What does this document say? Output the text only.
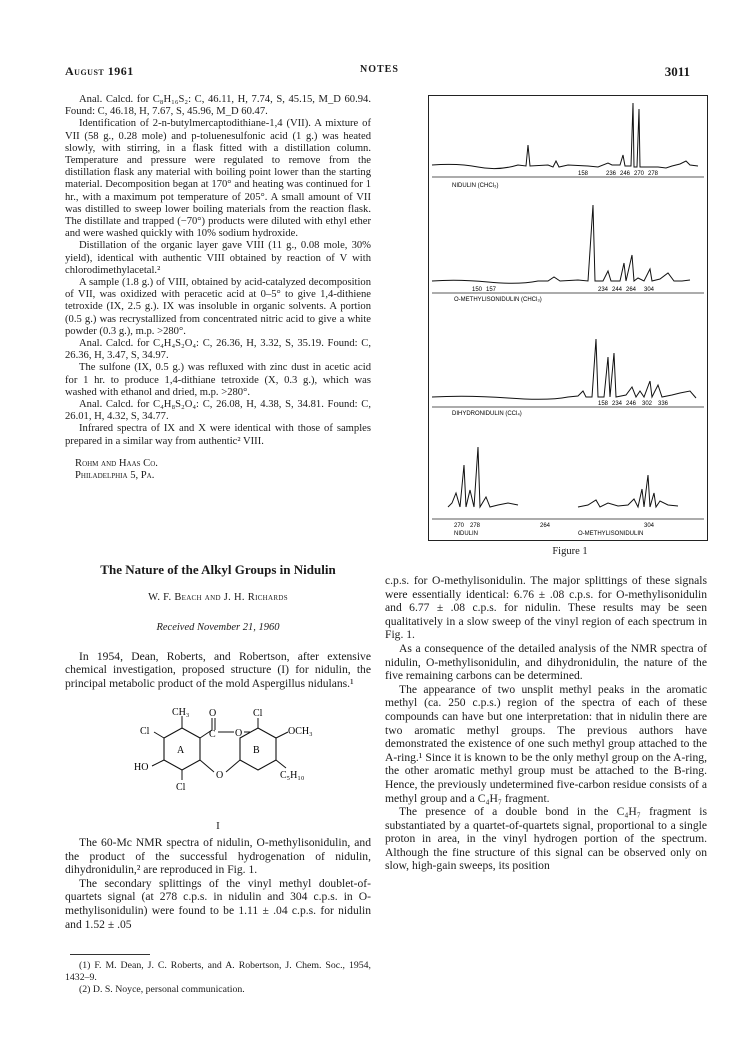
August 1961	NOTES	3011

Anal. Calcd. for C₈H₁₆S₂: C, 46.11, H, 7.74, S, 45.15, M_D 60.94. Found: C, 46.18, H, 7.67, S, 45.96, M_D 60.47.

Identification of 2-n-butylmercaptodithiane-1,4 (VII). A mixture of VII (58 g., 0.28 mole) and p-toluenesulfonic acid (1 g.) was heated slowly, with stirring, in a flask fitted with a distillation column. Temperature and pressure were regulated to remove from the distillation flask any material with boiling point lower than the starting material. Decomposition began at 170° and heating was continued for 1 hr., with a maximum pot temperature of 205°. A small amount of VII was distilled to sweep lower boiling materials from the reaction flask. The distillate and trapped (−70°) products were diluted with ethyl ether and were washed quickly with 10% sodium hydroxide.

Distillation of the organic layer gave VIII (11 g., 0.08 mole, 30% yield), identical with authentic VIII obtained by reaction of V with chlorodimethylacetal.²

A sample (1.8 g.) of VIII, obtained by acid-catalyzed decomposition of VII, was oxidized with peracetic acid at 0–5° to give 1,4-dithiene tetroxide (IX, 2.5 g.). IX was insoluble in organic solvents. A portion (0.5 g.) was recrystallized from concentrated nitric acid to give a white powder (0.3 g.), m.p. >280°.

Anal. Calcd. for C₄H₄S₂O₄: C, 26.36, H, 3.32, S, 35.19. Found: C, 26.36, H, 3.47, S, 34.97.

The sulfone (IX, 0.5 g.) was refluxed with zinc dust in acetic acid for 1 hr. to produce 1,4-dithiane tetroxide (X, 0.3 g.), which was washed with ethanol and dried, m.p. >280°.

Anal. Calcd. for C₄H₈S₂O₄: C, 26.08, H, 4.38, S, 34.81. Found: C, 26.01, H, 4.32, S, 34.77.

Infrared spectra of IX and X were identical with those of samples prepared in a similar way from authentic² VIII.

Rohm and Haas Co.

Philadelphia 5, Pa.

158	236 246 270 278
NIDULIN (CHCl₃)
150 157	234 244 264 304
O-METHYLISONIDULIN (CHCl₃)
158 234 246 302 336
DIHYDRONIDULIN (CCl₄)
270 278	264	304
NIDULIN	O-METHYLISONIDULIN
Figure 1
The Nature of the Alkyl Groups in Nidulin
W. F. Beach and J. H. Richards
Received November 21, 1960

In 1954, Dean, Roberts, and Robertson, after extensive chemical investigation, proposed structure (I) for nidulin, the principal metabolic product of the mold Aspergillus nidulans.¹

CH₃ O
C O
Cl
OCH₃
Cl
A	B
HO
O	C₅H₁₀
Cl
I

The 60-Mc NMR spectra of nidulin, O-methylisonidulin, and the product of the successful hydrogenation of nidulin, dihydronidulin,² are reproduced in Fig. 1.

The secondary splittings of the vinyl methyl doublet-of-quartets signal (at 278 c.p.s. in nidulin and 304 c.p.s. in O-methylisonidulin) were found to be 1.11 ± .04 c.p.s. for nidulin and 1.52 ± .05

(1) F. M. Dean, J. C. Roberts, and A. Robertson, J. Chem. Soc., 1954, 1432–9.

(2) D. S. Noyce, personal communication.

c.p.s. for O-methylisonidulin. The major splittings of these signals were essentially identical: 6.76 ± .08 c.p.s. for O-methylisonidulin and 6.77 ± .08 c.p.s. for nidulin. These results may be seen qualitatively in a slow sweep of the vinyl region of each spectrum in Fig. 1.

As a consequence of the detailed analysis of the NMR spectra of nidulin, O-methylisonidulin, and dihydronidulin, the nature of the five remaining carbons can be determined.

The appearance of two unsplit methyl peaks in the aromatic methyl (ca. 250 c.p.s.) region of the spectra of each of these compounds can have but one interpretation: that in nidulin there are two aromatic methyl groups. The previous authors have demonstrated the existence of one such methyl group attached to the A-ring.¹ Since it is known to be the only methyl group on the A-ring, the other aromatic methyl group must be attached to the B-ring. Hence, the previously undetermined five-carbon residue consists of a methyl group and a C₄H₇ fragment.

The presence of a double bond in the C₄H₇ fragment is substantiated by a quartet-of-quartets signal, proportional to a single proton in area, in the vinyl hydrogen portion of the spectrum. Although the fine structure of this signal can be observed only on slow, high-gain sweeps, its position
